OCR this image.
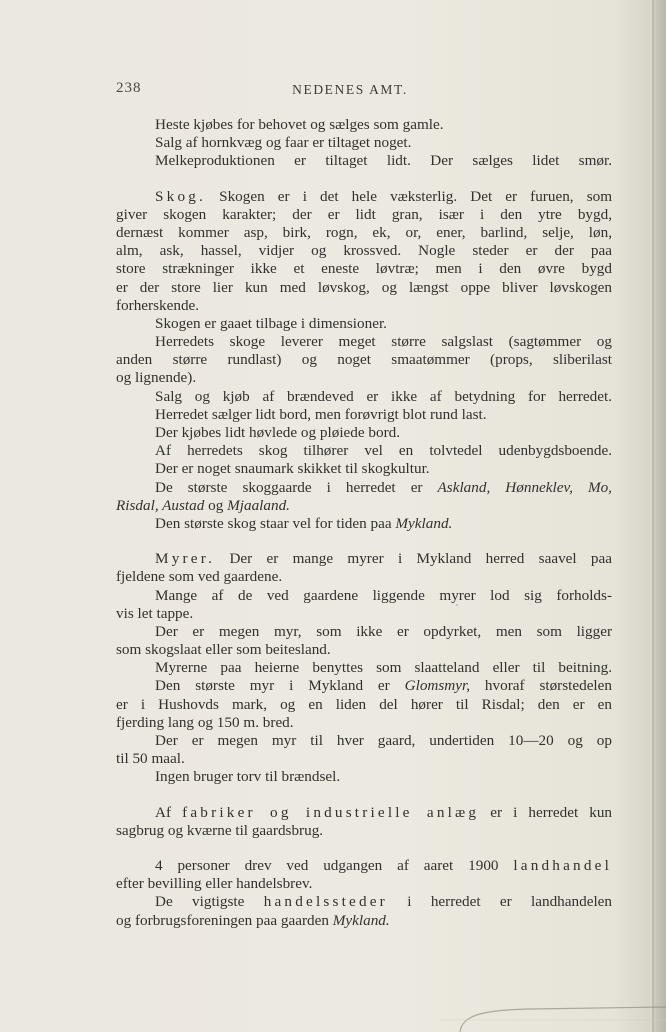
238	NEDENES AMT.
Heste kjøbes for behovet og sælges som gamle.
Salg af hornkvæg og faar er tiltaget noget.
Melkeproduktionen er tiltaget lidt. Der sælges lidet smør.
Skog. Skogen er i det hele væksterlig. Det er furuen, som
giver skogen karakter; der er lidt gran, især i den ytre bygd,
dernæst kommer asp, birk, rogn, ek, or, ener, barlind, selje, løn,
alm, ask, hassel, vidjer og krossved. Nogle steder er der paa
store strækninger ikke et eneste løvtræ; men i den øvre bygd
er der store lier kun med løvskog, og længst oppe bliver løvskogen
forherskende.
Skogen er gaaet tilbage i dimensioner.
Herredets skoge leverer meget større salgslast (sagtømmer og
anden større rundlast) og noget smaatømmer (props, sliberilast
og lignende).
Salg og kjøb af brændeved er ikke af betydning for herredet.
Herredet sælger lidt bord, men forøvrigt blot rund last.
Der kjøbes lidt høvlede og pløiede bord.
Af herredets skog tilhører vel en tolvtedel udenbygdsboende.
Der er noget snaumark skikket til skogkultur.
De største skoggaarde i herredet er Askland, Hønneklev, Mo,
Risdal, Austad og Mjaaland.
Den største skog staar vel for tiden paa Mykland.
Myrer. Der er mange myrer i Mykland herred saavel paa
fjeldene som ved gaardene.
Mange af de ved gaardene liggende myrer lod sig forholds-
vis let tappe.
Der er megen myr, som ikke er opdyrket, men som ligger
som skogslaat eller som beitesland.
Myrerne paa heierne benyttes som slaatteland eller til beitning.
Den største myr i Mykland er Glomsmyr, hvoraf størstedelen
er i Hushovds mark, og en liden del hører til Risdal; den er en
fjerding lang og 150 m. bred.
Der er megen myr til hver gaard, undertiden 10—20 og op
til 50 maal.
Ingen bruger torv til brændsel.
Af fabriker og industrielle anlæg er i herredet kun
sagbrug og kværne til gaardsbrug.
4 personer drev ved udgangen af aaret 1900 landhandel
efter bevilling eller handelsbrev.
De vigtigste handelssteder i herredet er landhandelen
og forbrugsforeningen paa gaarden Mykland.
